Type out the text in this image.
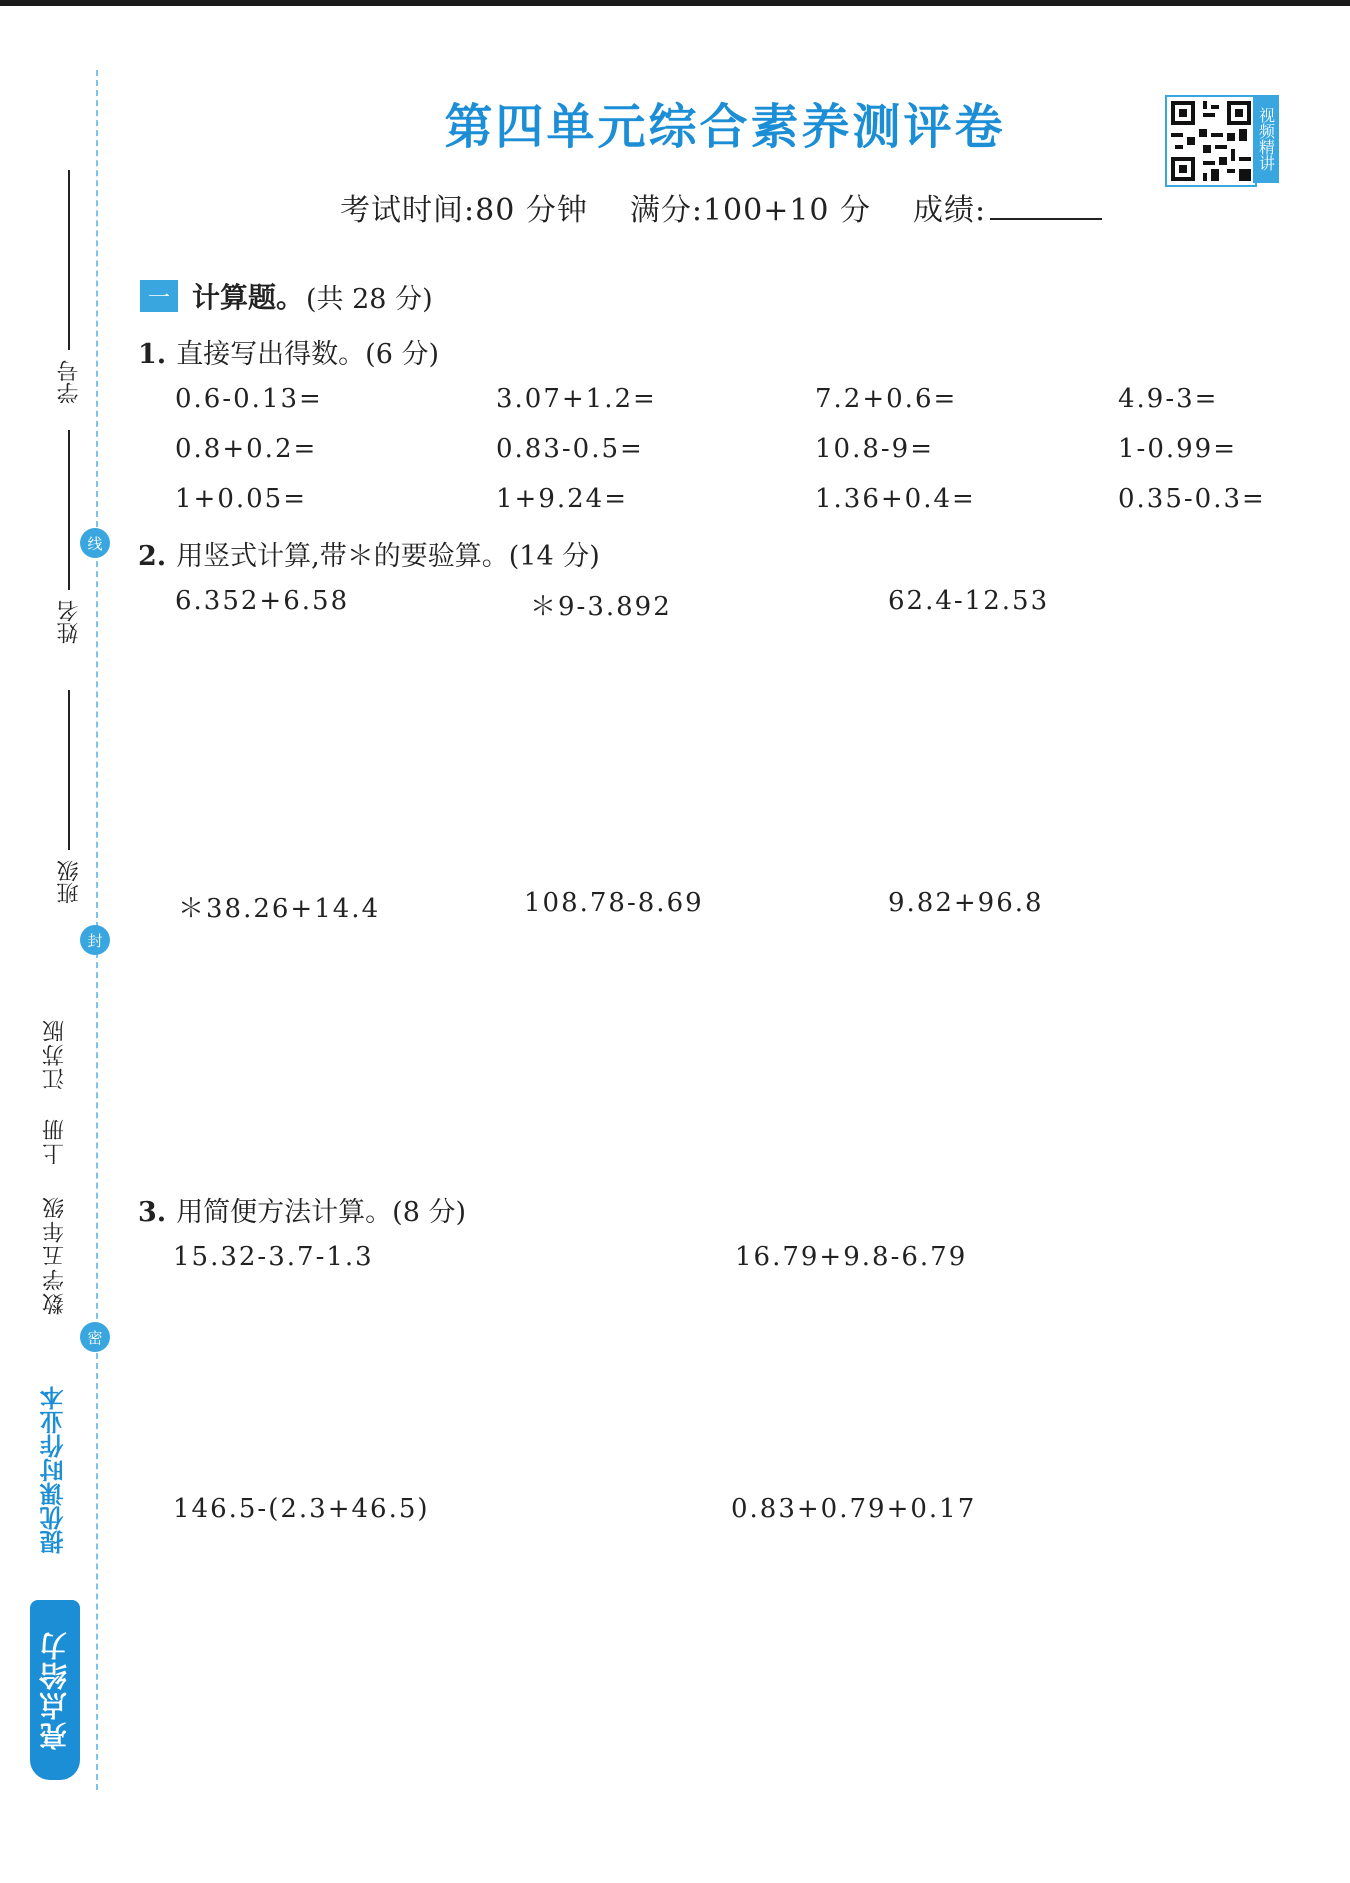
学号
姓名
班级
线
封
密
江苏版
上册
数学五年级
提优课时作业本
亮点给力
第四单元综合素养测评卷	视频精讲
考试时间:80 分钟 满分:100+10 分 成绩:
一 计算题。 (共 28 分)
1. 直接写出得数。(6 分)
0.6-0.13=	3.07+1.2=	7.2+0.6=	4.9-3=
0.8+0.2=	0.83-0.5=	10.8-9=	1-0.99=
1+0.05=	1+9.24=	1.36+0.4=	0.35-0.3=
2. 用竖式计算,带＊的要验算。(14 分)
6.352+6.58	＊9-3.892	62.4-12.53
＊38.26+14.4	108.78-8.69	9.82+96.8
3. 用简便方法计算。(8 分)
15.32-3.7-1.3	16.79+9.8-6.79
146.5-(2.3+46.5)	0.83+0.79+0.17
